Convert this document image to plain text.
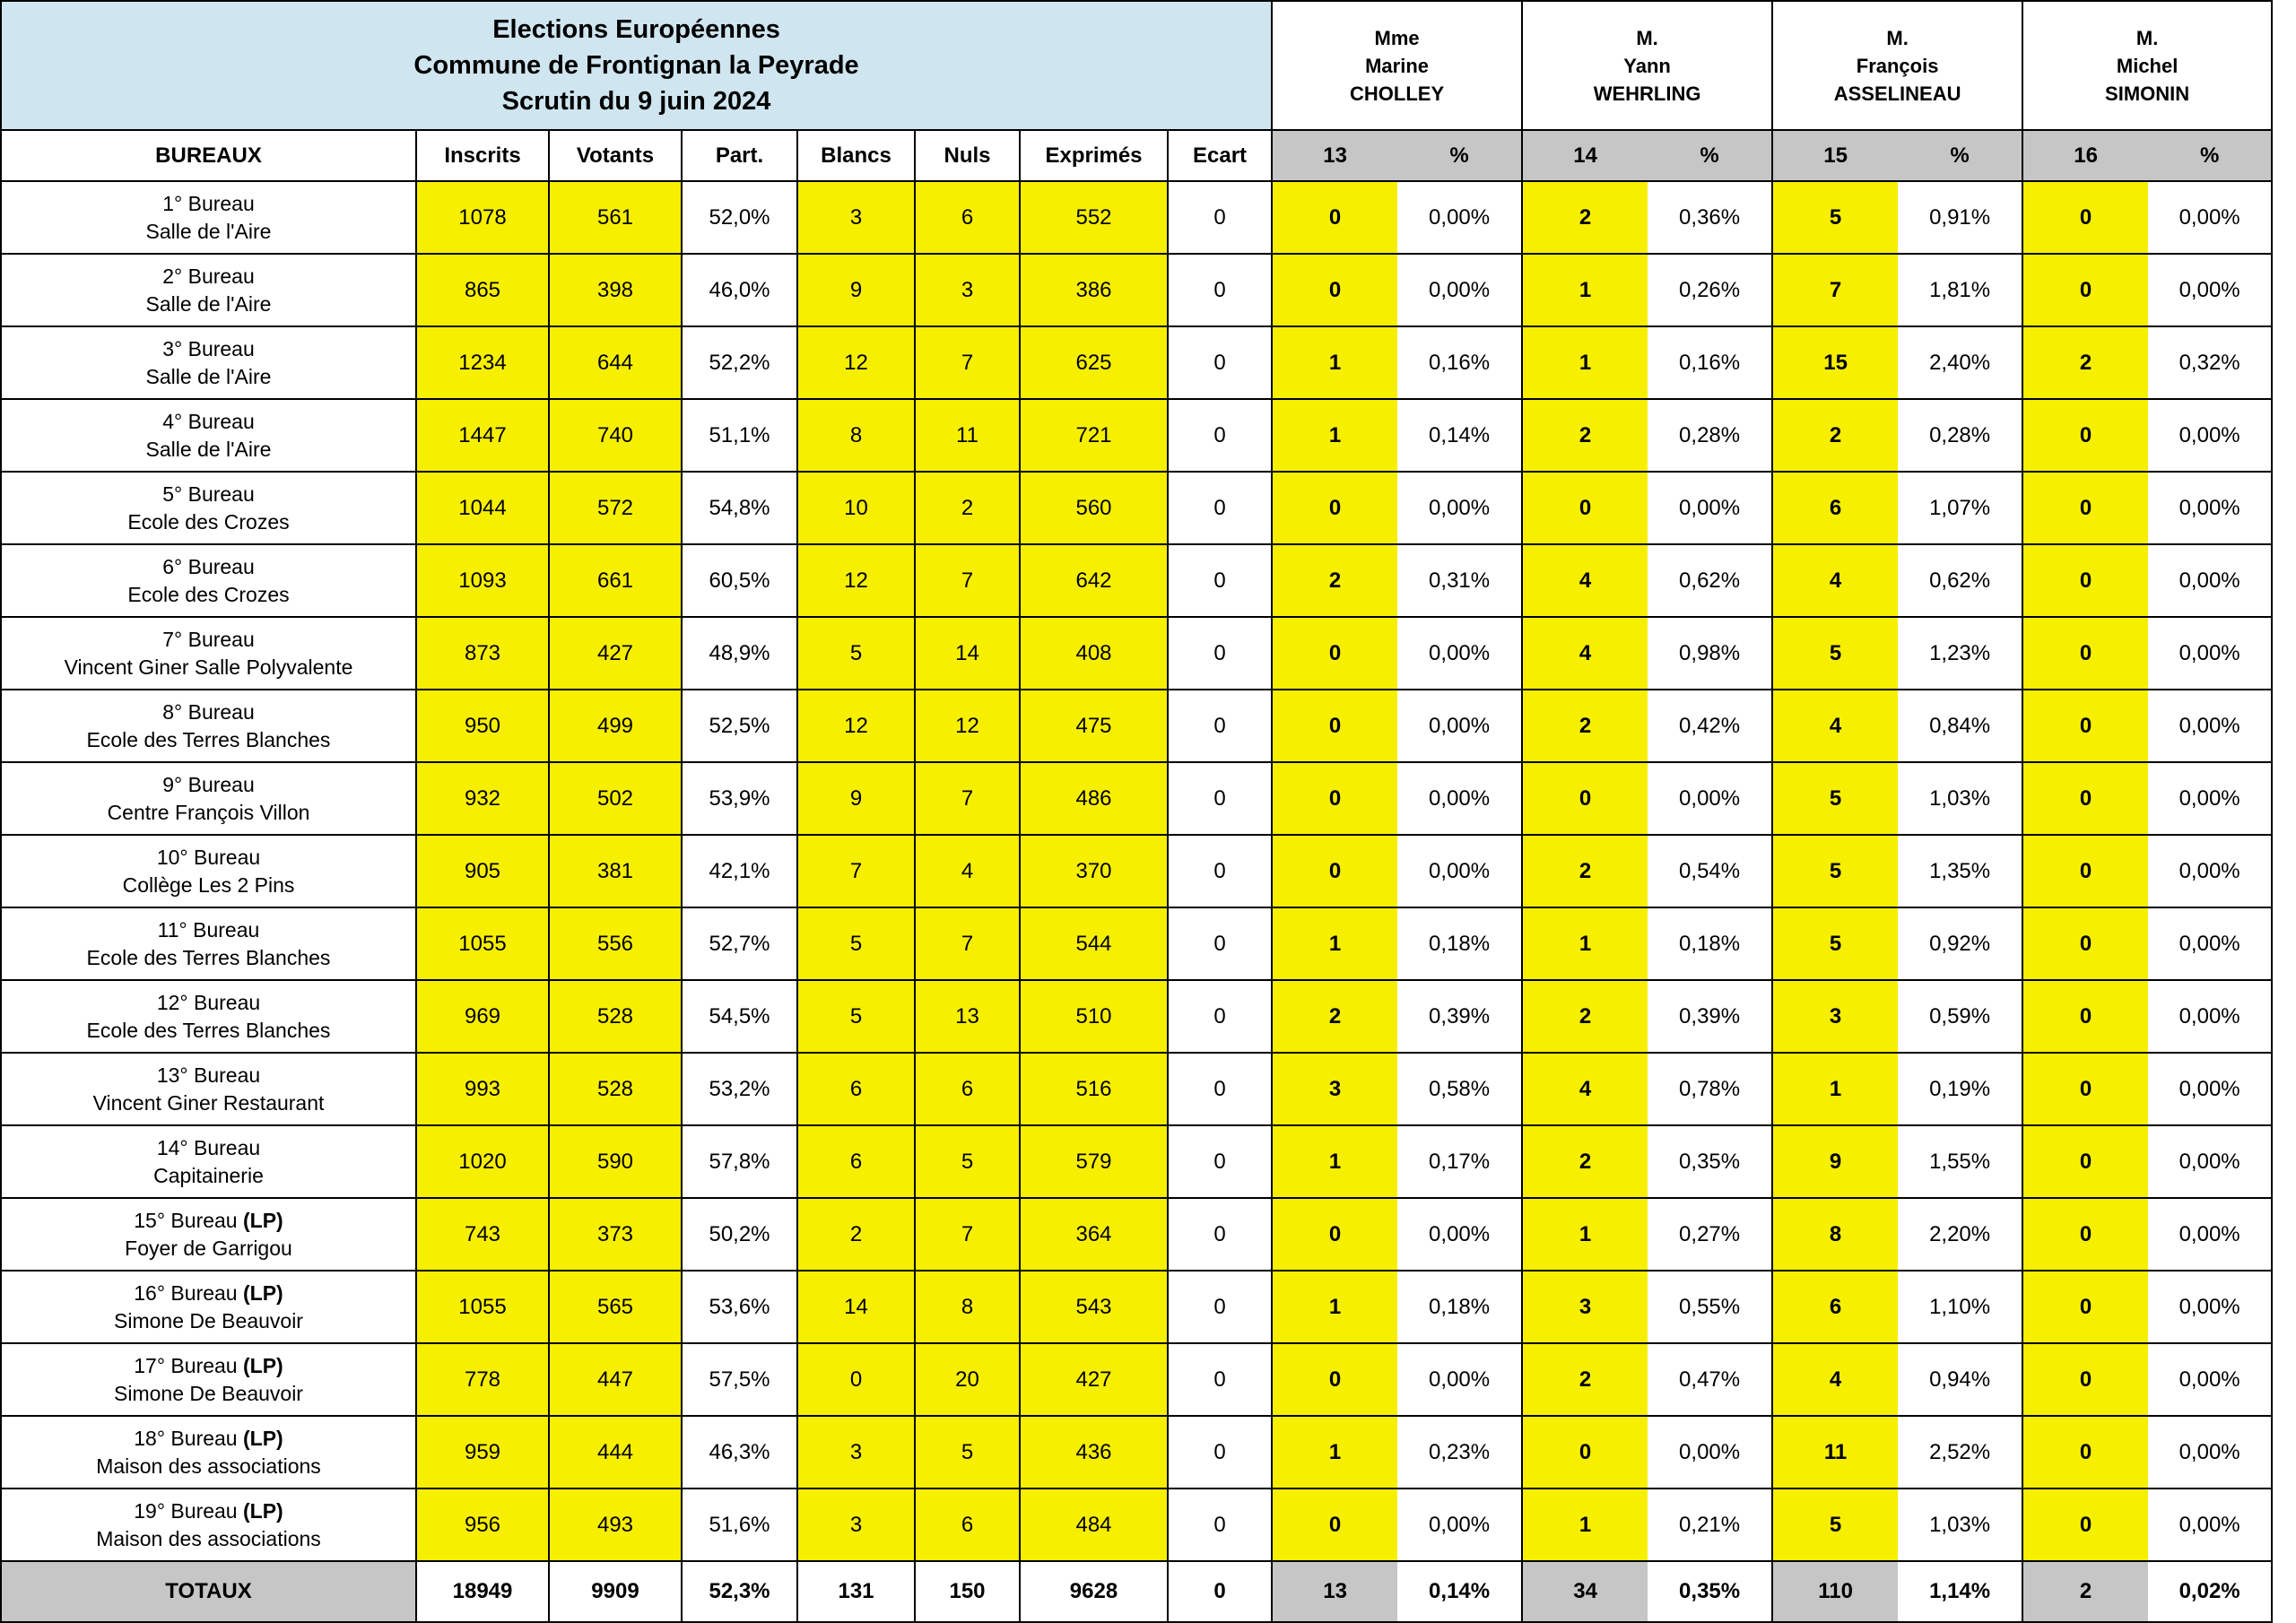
Elections Européennes
Commune de Frontignan la Peyrade
Scrutin du 9 juin 2024								Mme
Marine
CHOLLEY		M.
Yann
WEHRLING		M.
François
ASSELINEAU		M.
Michel
SIMONIN	

BUREAUX	Inscrits	Votants	Part.	Blancs	Nuls	Exprimés	Ecart	13	%	14	%	15	%	16	%

1° Bureau
Salle de l'Aire	1078	561	52,0%	3	6	552	0	0	0,00%	2	0,36%	5	0,91%	0	0,00%

2° Bureau
Salle de l'Aire	865	398	46,0%	9	3	386	0	0	0,00%	1	0,26%	7	1,81%	0	0,00%

3° Bureau
Salle de l'Aire	1234	644	52,2%	12	7	625	0	1	0,16%	1	0,16%	15	2,40%	2	0,32%

4° Bureau
Salle de l'Aire	1447	740	51,1%	8	11	721	0	1	0,14%	2	0,28%	2	0,28%	0	0,00%

5° Bureau
Ecole des Crozes	1044	572	54,8%	10	2	560	0	0	0,00%	0	0,00%	6	1,07%	0	0,00%

6° Bureau
Ecole des Crozes	1093	661	60,5%	12	7	642	0	2	0,31%	4	0,62%	4	0,62%	0	0,00%

7° Bureau
Vincent Giner Salle Polyvalente	873	427	48,9%	5	14	408	0	0	0,00%	4	0,98%	5	1,23%	0	0,00%

8° Bureau
Ecole des Terres Blanches	950	499	52,5%	12	12	475	0	0	0,00%	2	0,42%	4	0,84%	0	0,00%

9° Bureau
Centre François Villon	932	502	53,9%	9	7	486	0	0	0,00%	0	0,00%	5	1,03%	0	0,00%

10° Bureau
Collège Les 2 Pins	905	381	42,1%	7	4	370	0	0	0,00%	2	0,54%	5	1,35%	0	0,00%

11° Bureau
Ecole des Terres Blanches	1055	556	52,7%	5	7	544	0	1	0,18%	1	0,18%	5	0,92%	0	0,00%

12° Bureau
Ecole des Terres Blanches	969	528	54,5%	5	13	510	0	2	0,39%	2	0,39%	3	0,59%	0	0,00%

13° Bureau
Vincent Giner Restaurant	993	528	53,2%	6	6	516	0	3	0,58%	4	0,78%	1	0,19%	0	0,00%

14° Bureau
Capitainerie	1020	590	57,8%	6	5	579	0	1	0,17%	2	0,35%	9	1,55%	0	0,00%

15° Bureau (LP)
Foyer de Garrigou	743	373	50,2%	2	7	364	0	0	0,00%	1	0,27%	8	2,20%	0	0,00%

16° Bureau (LP)
Simone De Beauvoir	1055	565	53,6%	14	8	543	0	1	0,18%	3	0,55%	6	1,10%	0	0,00%

17° Bureau (LP)
Simone De Beauvoir	778	447	57,5%	0	20	427	0	0	0,00%	2	0,47%	4	0,94%	0	0,00%

18° Bureau (LP)
Maison des associations	959	444	46,3%	3	5	436	0	1	0,23%	0	0,00%	11	2,52%	0	0,00%

19° Bureau (LP)
Maison des associations	956	493	51,6%	3	6	484	0	0	0,00%	1	0,21%	5	1,03%	0	0,00%
TOTAUX	18949	9909	52,3%	131	150	9628	0	13	0,14%	34	0,35%	110	1,14%	2	0,02%
